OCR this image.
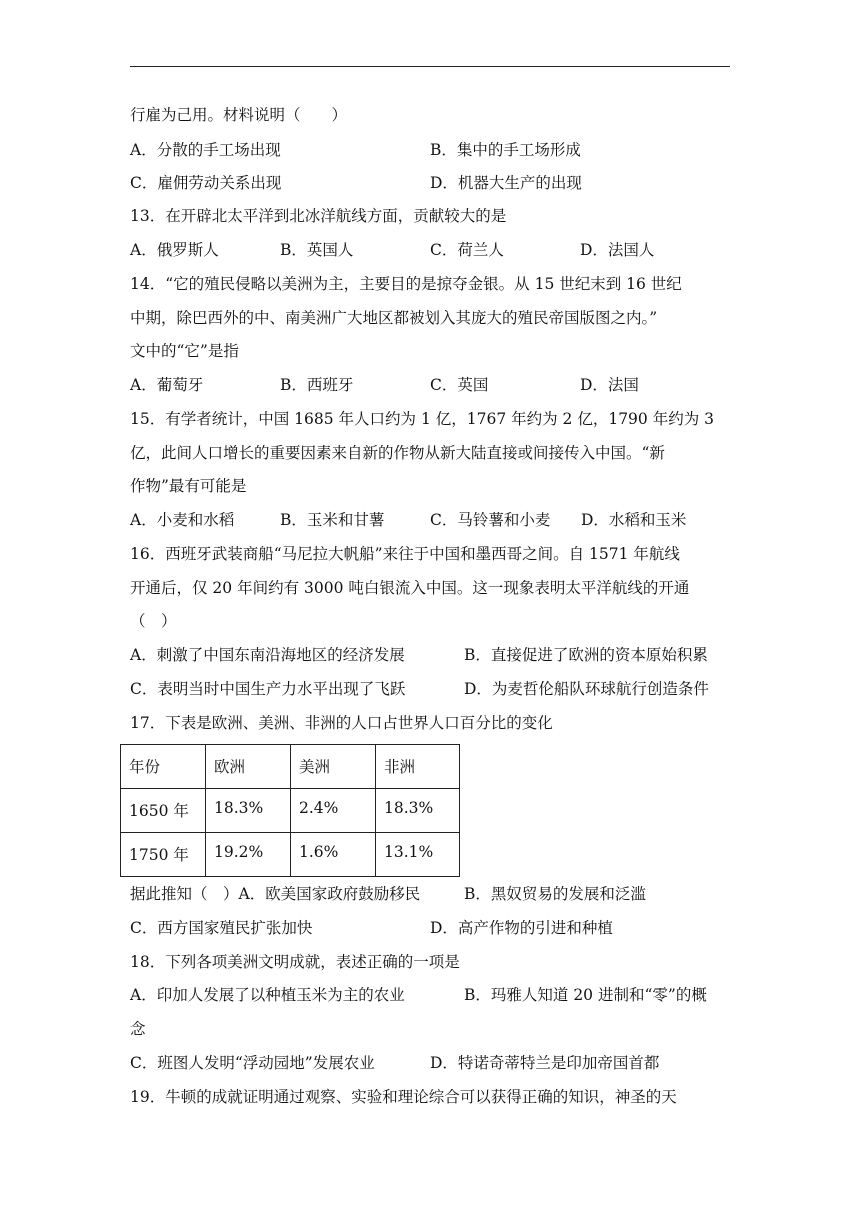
行雇为己用。材料说明（　　）
A．分散的手工场出现	B．集中的手工场形成
C．雇佣劳动关系出现	D．机器大生产的出现
13．在开辟北太平洋到北冰洋航线方面，贡献较大的是
A．俄罗斯人	B．英国人	C．荷兰人	D．法国人
14．“它的殖民侵略以美洲为主，主要目的是掠夺金银。从 15 世纪末到 16 世纪
中期，除巴西外的中、南美洲广大地区都被划入其庞大的殖民帝国版图之内。”
文中的“它”是指
A．葡萄牙	B．西班牙	C．英国	D．法国
15．有学者统计，中国 1685 年人口约为 1 亿，1767 年约为 2 亿，1790 年约为 3
亿，此间人口增长的重要因素来自新的作物从新大陆直接或间接传入中国。“新
作物”最有可能是
A．小麦和水稻	B．玉米和甘薯	C．马铃薯和小麦 D．水稻和玉米
16．西班牙武装商船“马尼拉大帆船”来往于中国和墨西哥之间。自 1571 年航线
开通后，仅 20 年间约有 3000 吨白银流入中国。这一现象表明太平洋航线的开通
（　）
A．刺激了中国东南沿海地区的经济发展	B．直接促进了欧洲的资本原始积累
C．表明当时中国生产力水平出现了飞跃	D．为麦哲伦船队环球航行创造条件
17．下表是欧洲、美洲、非洲的人口占世界人口百分比的变化
年份	欧洲	美洲	非洲
1650 年	18.3%	2.4%	18.3%
1750 年	19.2%	1.6%	13.1%
据此推知（　）A．欧美国家政府鼓励移民	B．黑奴贸易的发展和泛滥
C．西方国家殖民扩张加快	D．高产作物的引进和种植
18．下列各项美洲文明成就，表述正确的一项是
A．印加人发展了以种植玉米为主的农业	B．玛雅人知道 20 进制和“零”的概
念
C．班图人发明“浮动园地”发展农业	D．特诺奇蒂特兰是印加帝国首都
19．牛顿的成就证明通过观察、实验和理论综合可以获得正确的知识，神圣的天
